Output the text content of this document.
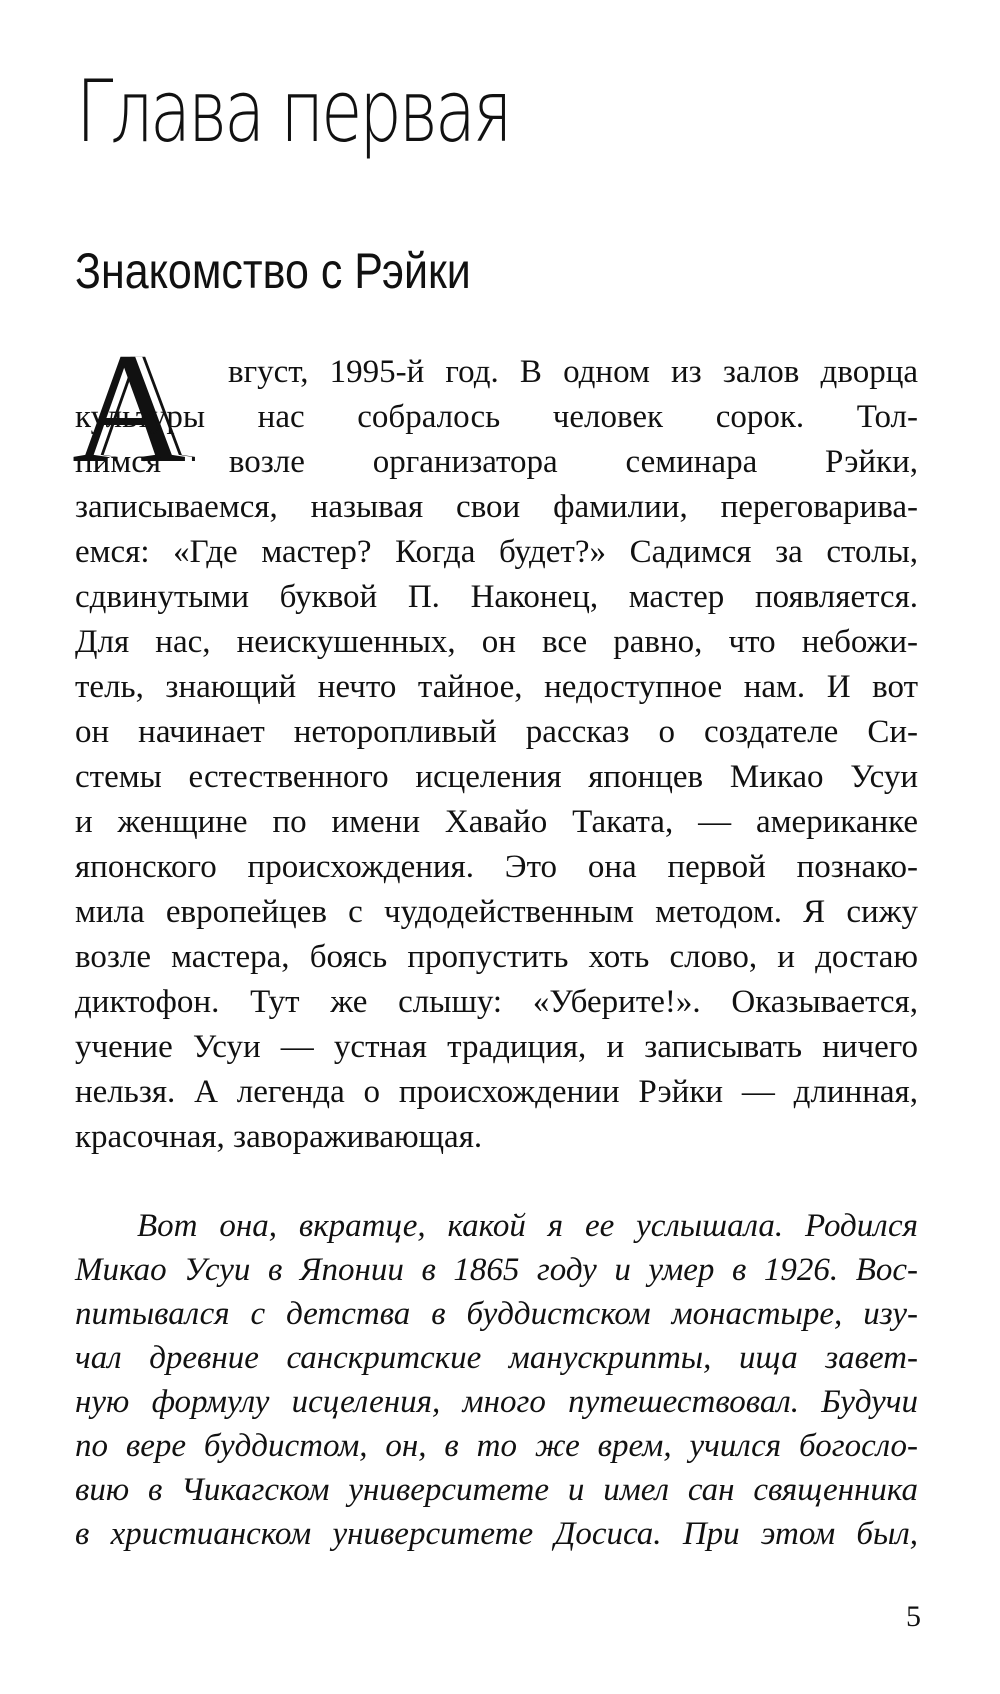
Глава первая
Знакомство с Рэйки
А вгуст, 1995-й год. В одном из залов дворца
культуры нас собралось человек сорок. Тол-
пимся возле организатора семинара Рэйки,
записываемся, называя свои фамилии, переговарива-
емся: «Где мастер? Когда будет?» Садимся за столы,
сдвинутыми буквой П. Наконец, мастер появляется.
Для нас, неискушенных, он все равно, что небожи-
тель, знающий нечто тайное, недоступное нам. И вот
он начинает неторопливый рассказ о создателе Си-
стемы естественного исцеления японцев Микао Усуи
и женщине по имени Хавайо Таката, — американке
японского происхождения. Это она первой познако-
мила европейцев с чудодейственным методом. Я сижу
возле мастера, боясь пропустить хоть слово, и достаю
диктофон. Тут же слышу: «Уберите!». Оказывается,
учение Усуи — устная традиция, и записывать ничего
нельзя. А легенда о происхождении Рэйки — длинная,
красочная, завораживающая.
Вот она, вкратце, какой я ее услышала. Родился
Микао Усуи в Японии в 1865 году и умер в 1926. Вос-
питывался с детства в буддистском монастыре, изу-
чал древние санскритские манускрипты, ища завет-
ную формулу исцеления, много путешествовал. Будучи
по вере буддистом, он, в то же врем, учился богосло-
вию в Чикагском университете и имел сан священника
в христианском университете Досиса. При этом был,
5
